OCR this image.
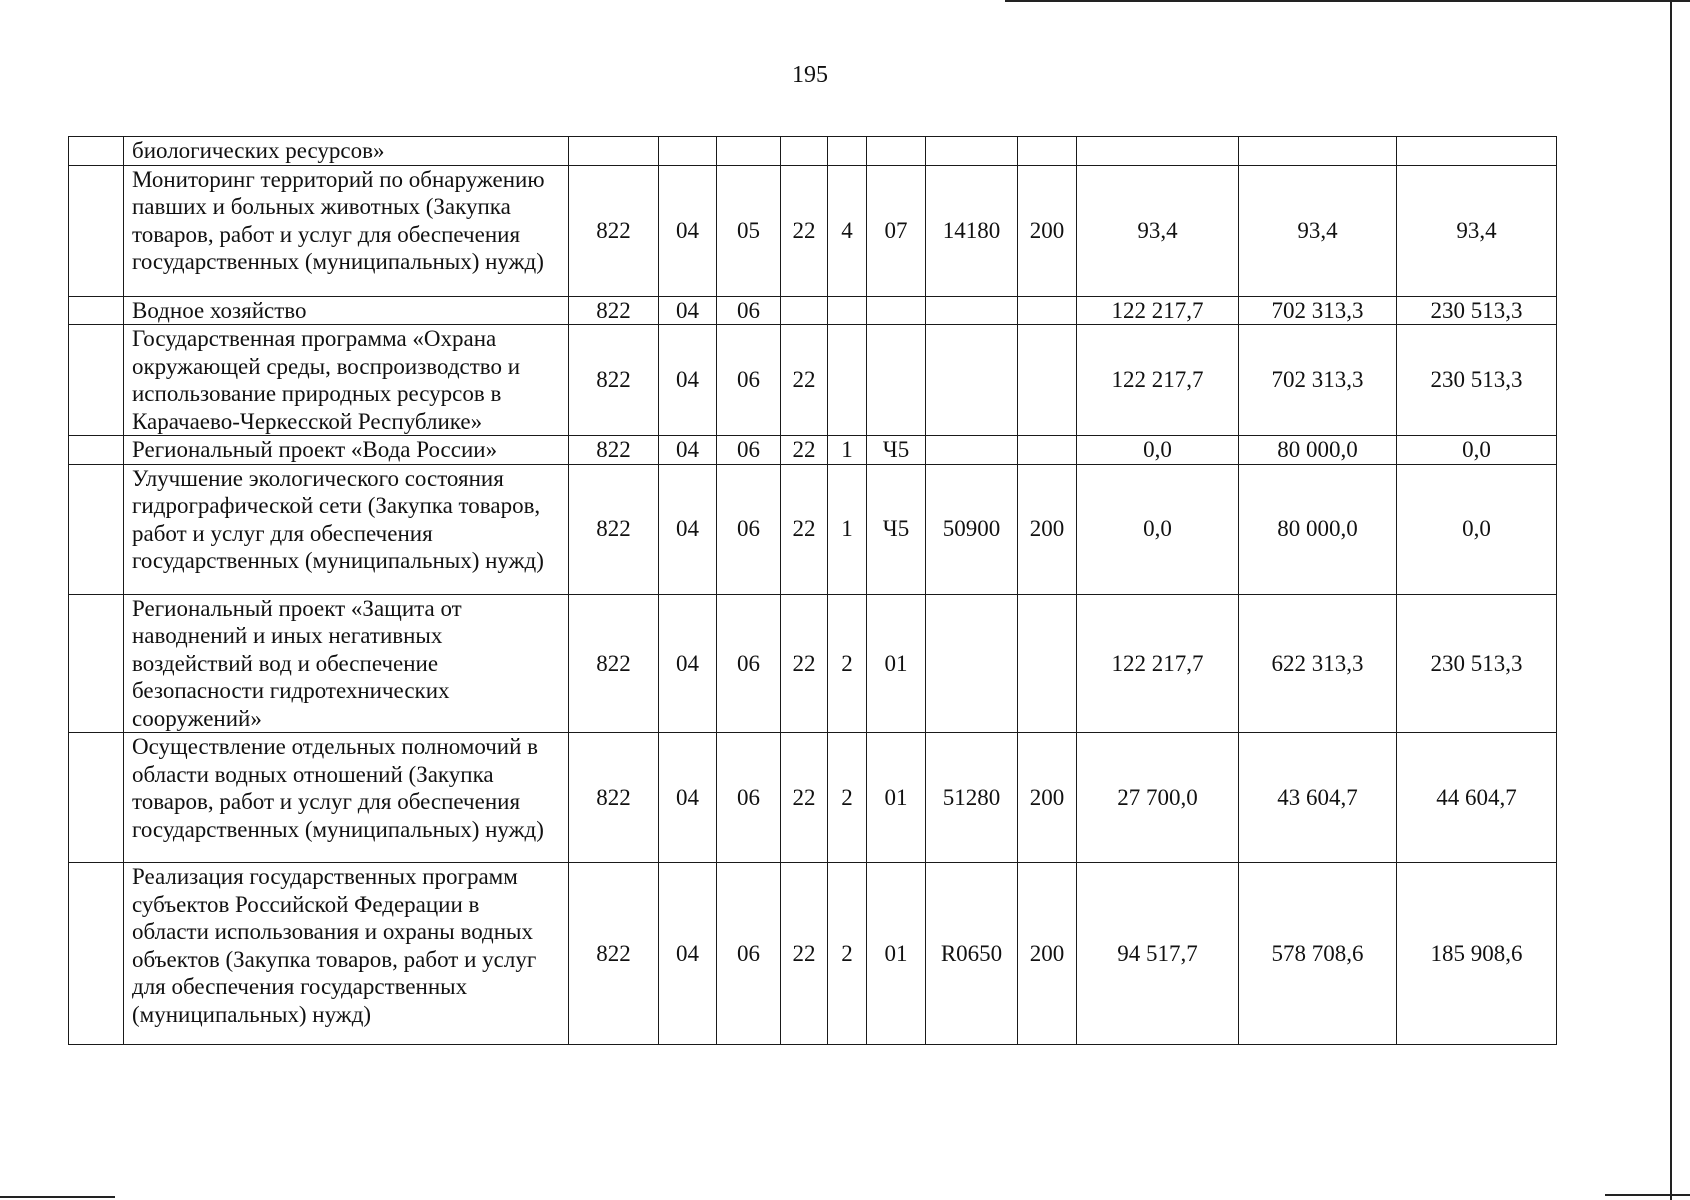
195
	биологических ресурсов»											
	Мониторинг территорий по обнаружению павших и больных животных (Закупка товаров, работ и услуг для обеспечения государственных (муниципальных) нужд)	822	04	05	22	4	07	14180	200	93,4	93,4	93,4
	Водное хозяйство	822	04	06						122 217,7	702 313,3	230 513,3
	Государственная программа «Охрана окружающей среды, воспроизводство и использование природных ресурсов в Карачаево-Черкесской Республике»	822	04	06	22					122 217,7	702 313,3	230 513,3
	Региональный проект «Вода России»	822	04	06	22	1	Ч5			0,0	80 000,0	0,0
	Улучшение экологического состояния гидрографической сети (Закупка товаров, работ и услуг для обеспечения государственных (муниципальных) нужд)	822	04	06	22	1	Ч5	50900	200	0,0	80 000,0	0,0
	Региональный проект «Защита от наводнений и иных негативных воздействий вод и обеспечение безопасности гидротехнических сооружений»	822	04	06	22	2	01			122 217,7	622 313,3	230 513,3
	Осуществление отдельных полномочий в области водных отношений (Закупка товаров, работ и услуг для обеспечения государственных (муниципальных) нужд)	822	04	06	22	2	01	51280	200	27 700,0	43 604,7	44 604,7
	Реализация государственных программ субъектов Российской Федерации в области использования и охраны водных объектов (Закупка товаров, работ и услуг для обеспечения государственных (муниципальных) нужд)	822	04	06	22	2	01	R0650	200	94 517,7	578 708,6	185 908,6
